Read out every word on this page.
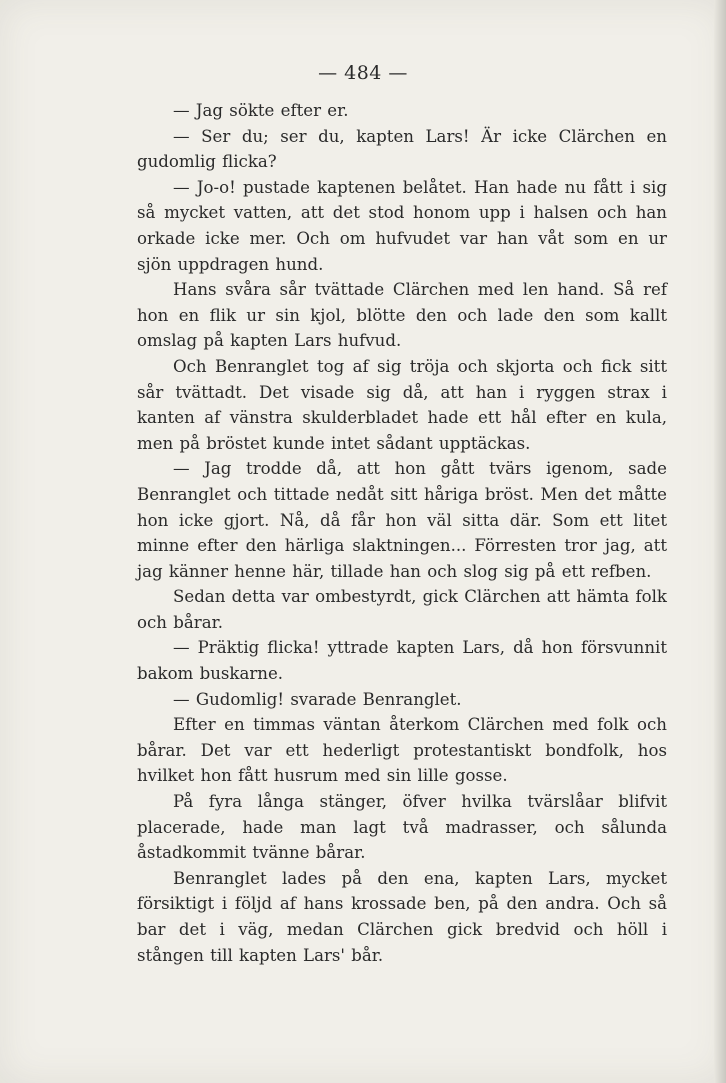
— 484 —

— Jag sökte efter er.

— Ser du; ser du, kapten Lars! Är icke Clärchen en gudomlig flicka?

— Jo-o! pustade kaptenen belåtet. Han hade nu fått i sig så mycket vatten, att det stod honom upp i halsen och han orkade icke mer. Och om hufvudet var han våt som en ur sjön uppdragen hund.

Hans svåra sår tvättade Clärchen med len hand. Så ref hon en flik ur sin kjol, blötte den och lade den som kallt omslag på kapten Lars hufvud.

Och Benranglet tog af sig tröja och skjorta och fick sitt sår tvättadt. Det visade sig då, att han i ryggen strax i kanten af vänstra skulderbladet hade ett hål efter en kula, men på bröstet kunde intet sådant upptäckas.

— Jag trodde då, att hon gått tvärs igenom, sade Benranglet och tittade nedåt sitt håriga bröst. Men det måtte hon icke gjort. Nå, då får hon väl sitta där. Som ett litet minne efter den härliga slaktningen... Förresten tror jag, att jag känner henne här, tillade han och slog sig på ett refben.

Sedan detta var ombestyrdt, gick Clärchen att hämta folk och bårar.

— Präktig flicka! yttrade kapten Lars, då hon försvunnit bakom buskarne.

— Gudomlig! svarade Benranglet.

Efter en timmas väntan återkom Clärchen med folk och bårar. Det var ett hederligt protestantiskt bondfolk, hos hvilket hon fått husrum med sin lille gosse.

På fyra långa stänger, öfver hvilka tvärslåar blifvit placerade, hade man lagt två madrasser, och sålunda åstadkommit tvänne bårar.

Benranglet lades på den ena, kapten Lars, mycket försiktigt i följd af hans krossade ben, på den andra. Och så bar det i väg, medan Clärchen gick bredvid och höll i stången till kapten Lars' bår.
